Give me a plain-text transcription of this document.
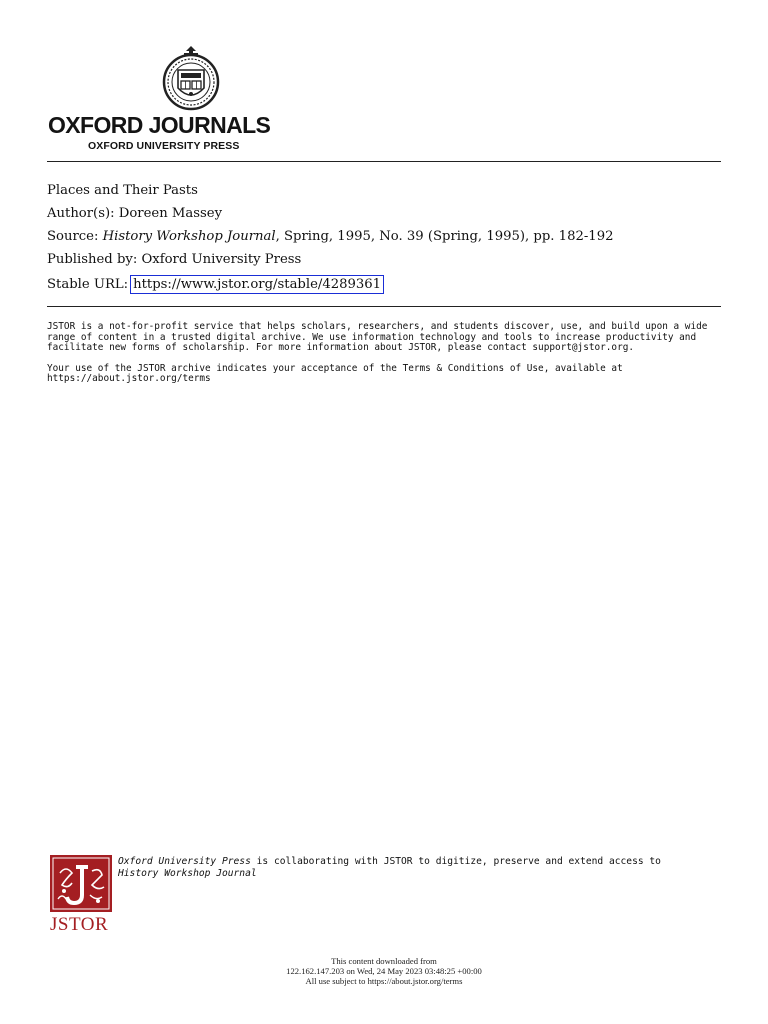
OXFORD JOURNALS
OXFORD UNIVERSITY PRESS
Places and Their Pasts
Author(s): Doreen Massey
Source: History Workshop Journal, Spring, 1995, No. 39 (Spring, 1995), pp. 182-192
Published by: Oxford University Press
Stable URL: https://www.jstor.org/stable/4289361

JSTOR is a not-for-profit service that helps scholars, researchers, and students discover, use, and build upon a wide
range of content in a trusted digital archive. We use information technology and tools to increase productivity and
facilitate new forms of scholarship. For more information about JSTOR, please contact support@jstor.org.

Your use of the JSTOR archive indicates your acceptance of the Terms & Conditions of Use, available at
https://about.jstor.org/terms

JSTOR
Oxford University Press is collaborating with JSTOR to digitize, preserve and extend access to
History Workshop Journal
This content downloaded from
122.162.147.203 on Wed, 24 May 2023 03:48:25 +00:00
All use subject to https://about.jstor.org/terms
